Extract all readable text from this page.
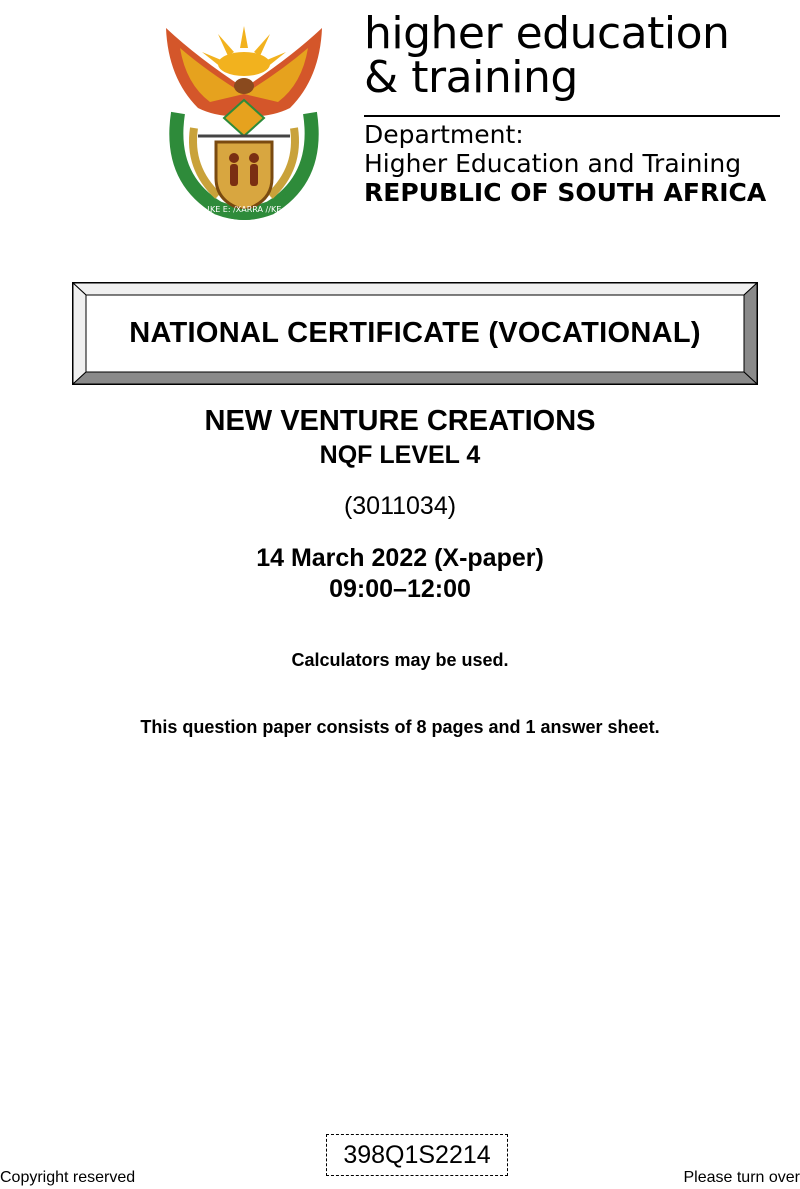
!KE E: /XARRA //KE
higher education
& training
Department:
Higher Education and Training
REPUBLIC OF SOUTH AFRICA
NATIONAL CERTIFICATE (VOCATIONAL)
NEW VENTURE CREATIONS
NQF LEVEL 4
(3011034)
14 March 2022 (X-paper)
09:00–12:00
Calculators may be used.
This question paper consists of 8 pages and 1 answer sheet.
398Q1S2214
Copyright reserved	Please turn over
